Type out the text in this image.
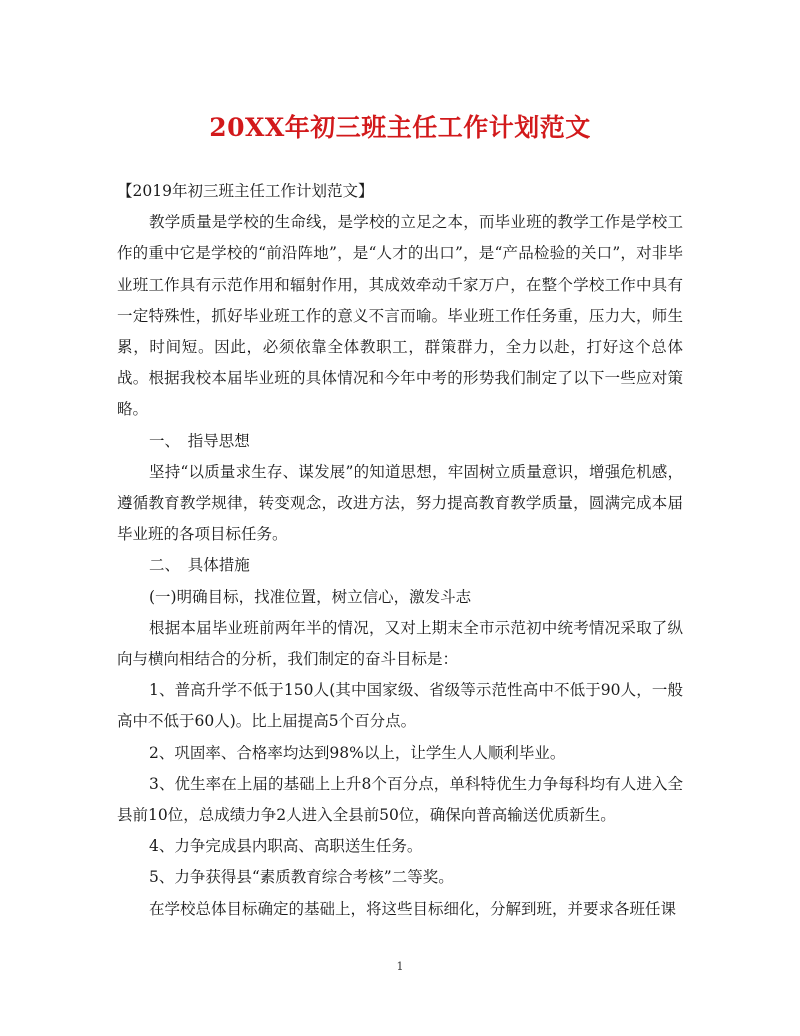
20XX年初三班主任工作计划范文

【2019年初三班主任工作计划范文】

教学质量是学校的生命线，是学校的立足之本，而毕业班的教学工作是学校工作的重中它是学校的“前沿阵地”，是“人才的出口”，是“产品检验的关口”，对非毕业班工作具有示范作用和辐射作用，其成效牵动千家万户，在整个学校工作中具有一定特殊性，抓好毕业班工作的意义不言而喻。毕业班工作任务重，压力大，师生累，时间短。因此，必须依靠全体教职工，群策群力，全力以赴，打好这个总体战。根据我校本届毕业班的具体情况和今年中考的形势我们制定了以下一些应对策略。

一、　指导思想

坚持“以质量求生存、谋发展”的知道思想，牢固树立质量意识，增强危机感，遵循教育教学规律，转变观念，改进方法，努力提高教育教学质量，圆满完成本届毕业班的各项目标任务。

二、　具体措施

(一)明确目标，找准位置，树立信心，激发斗志

根据本届毕业班前两年半的情况，又对上期末全市示范初中统考情况采取了纵向与横向相结合的分析，我们制定的奋斗目标是：

1、普高升学不低于150人(其中国家级、省级等示范性高中不低于90人，一般高中不低于60人)。比上届提高5个百分点。

2、巩固率、合格率均达到98%以上，让学生人人顺利毕业。

3、优生率在上届的基础上上升8个百分点，单科特优生力争每科均有人进入全县前10位，总成绩力争2人进入全县前50位，确保向普高输送优质新生。

4、力争完成县内职高、高职送生任务。

5、力争获得县“素质教育综合考核”二等奖。

在学校总体目标确定的基础上，将这些目标细化，分解到班，并要求各班任课

1
